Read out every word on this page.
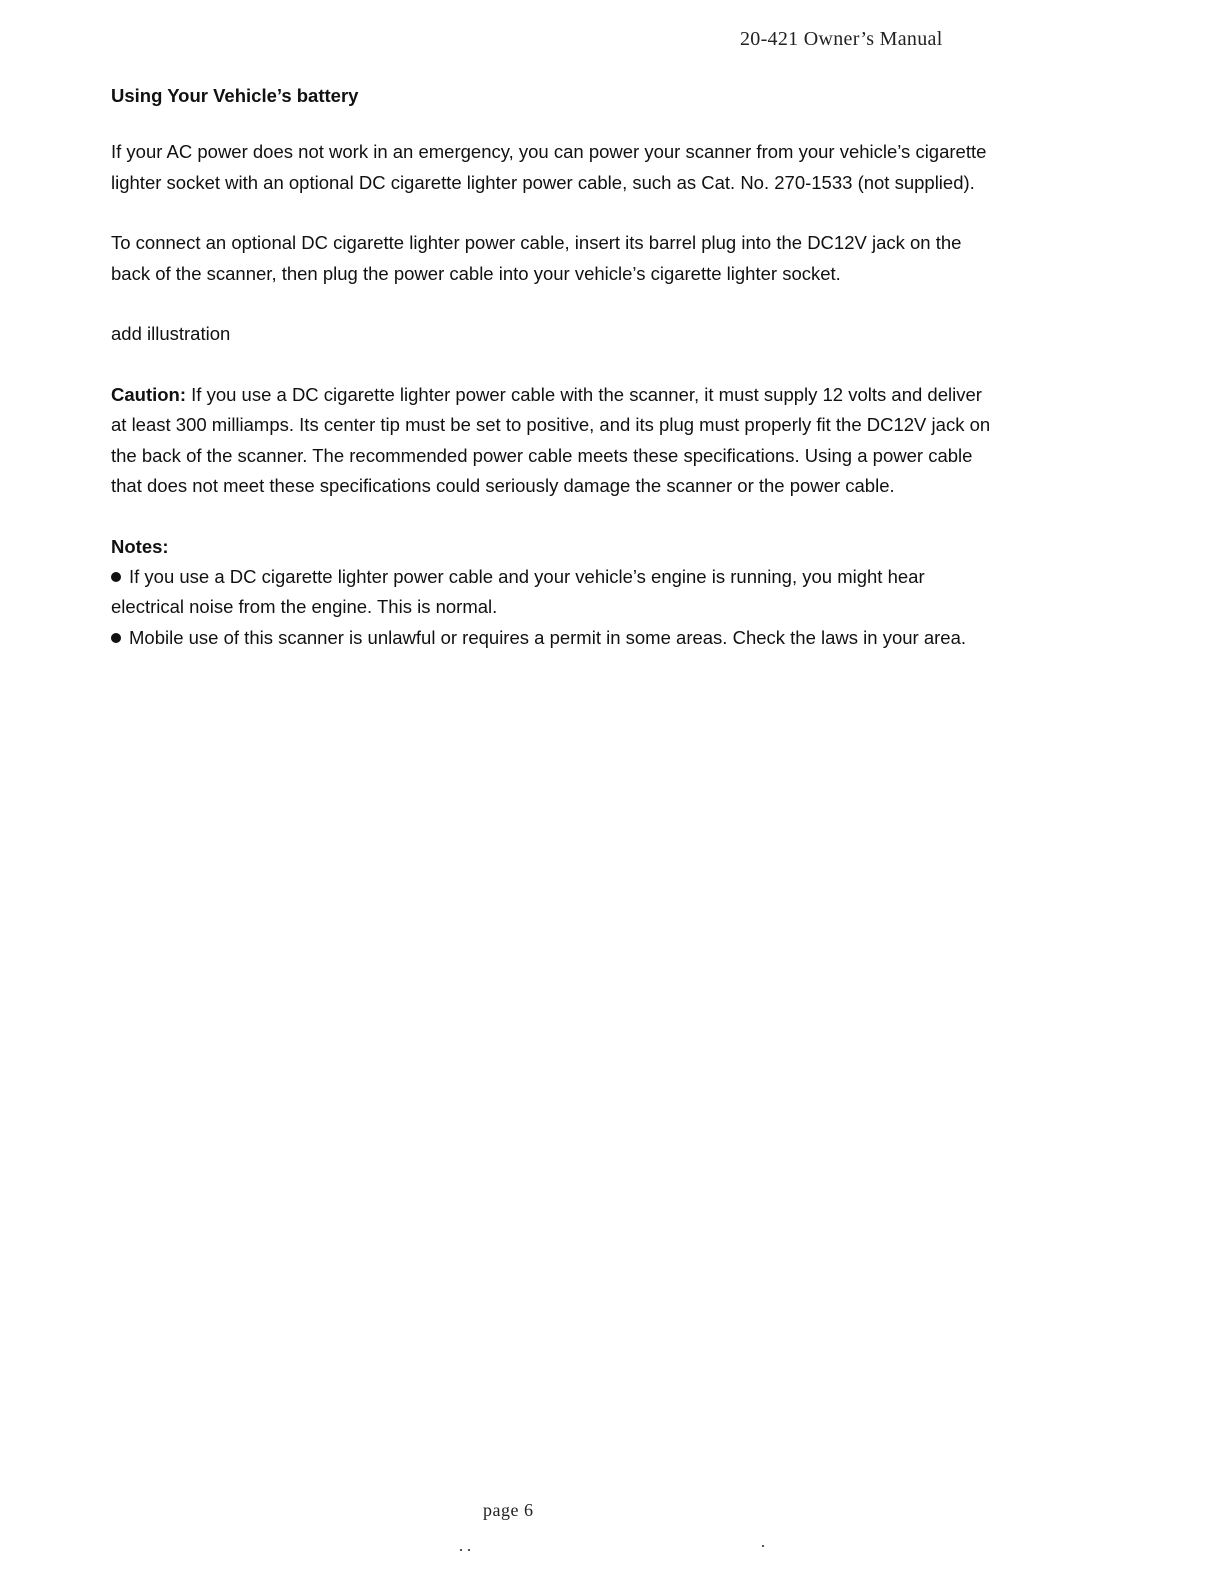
20-421 Owner’s Manual
Using Your Vehicle’s battery

If your AC power does not work in an emergency, you can power your scanner from your vehicle’s cigarette lighter socket with an optional DC cigarette lighter power cable, such as Cat. No. 270-1533 (not supplied).

To connect an optional DC cigarette lighter power cable, insert its barrel plug into the DC12V jack on the back of the scanner, then plug the power cable into your vehicle’s cigarette lighter socket.

add illustration

Caution: If you use a DC cigarette lighter power cable with the scanner, it must supply 12 volts and deliver at least 300 milliamps. Its center tip must be set to positive, and its plug must properly fit the DC12V jack on the back of the scanner. The recommended power cable meets these specifications. Using a power cable that does not meet these specifications could seriously damage the scanner or the power cable.

Notes:
If you use a DC cigarette lighter power cable and your vehicle’s engine is running, you might hear electrical noise from the engine. This is normal.
Mobile use of this scanner is unlawful or requires a permit in some areas. Check the laws in your area.
page 6
